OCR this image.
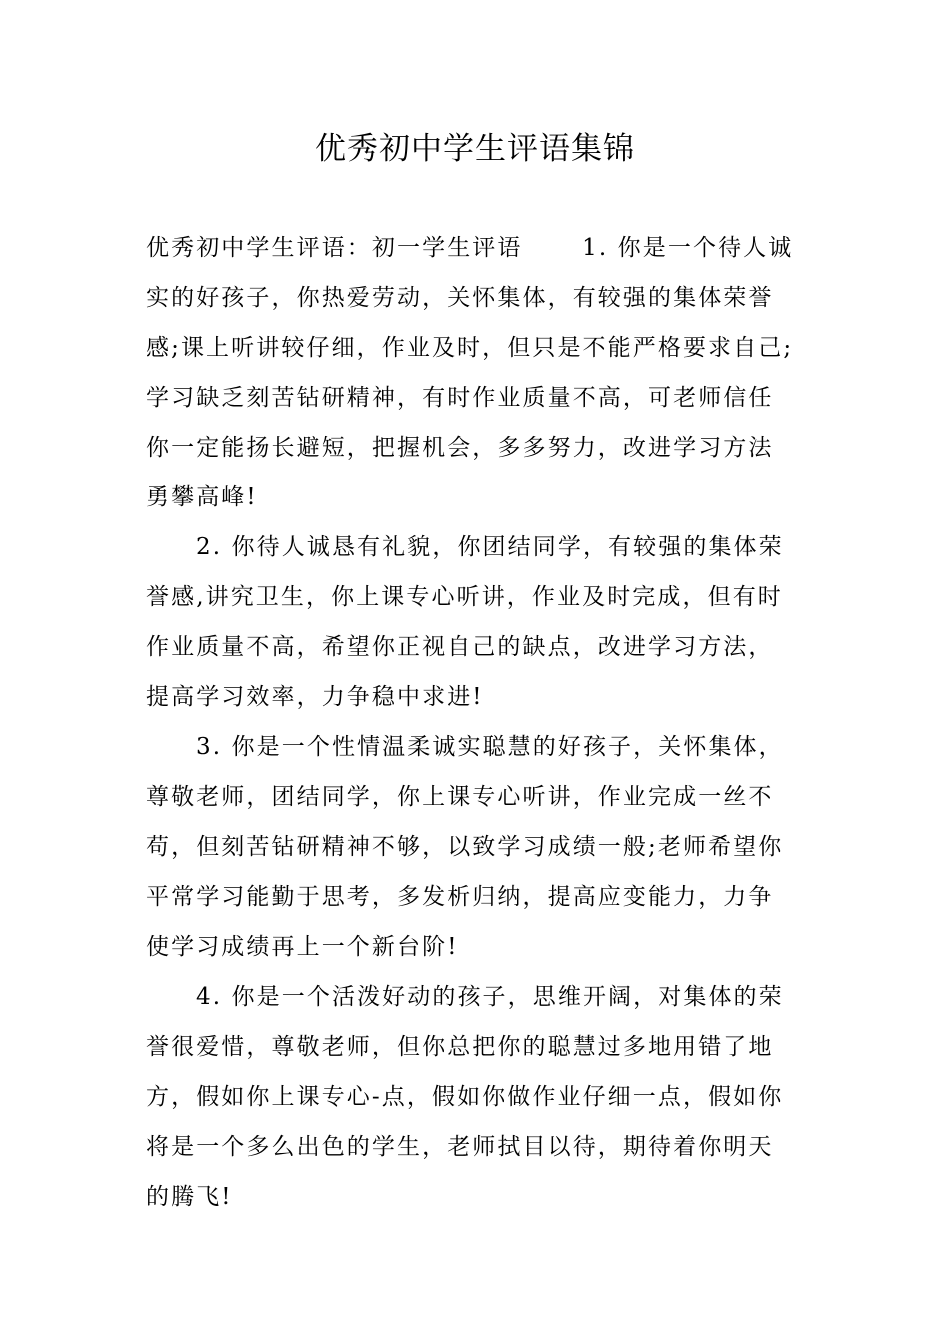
优秀初中学生评语集锦
优秀初中学生评语：初一学生评语　　 1. 你是一个待人诚
实的好孩子，你热爱劳动，关怀集体，有较强的集体荣誉
感;课上听讲较仔细，作业及时，但只是不能严格要求自己;
学习缺乏刻苦钻研精神，有时作业质量不高，可老师信任
你一定能扬长避短，把握机会，多多努力，改进学习方法
勇攀高峰!
2. 你待人诚恳有礼貌，你团结同学，有较强的集体荣
誉感,讲究卫生，你上课专心听讲，作业及时完成，但有时
作业质量不高，希望你正视自己的缺点，改进学习方法，
提高学习效率，力争稳中求进!
3. 你是一个性情温柔诚实聪慧的好孩子，关怀集体，
尊敬老师，团结同学，你上课专心听讲，作业完成一丝不
苟，但刻苦钻研精神不够，以致学习成绩一般;老师希望你
平常学习能勤于思考，多发析归纳，提高应变能力，力争
使学习成绩再上一个新台阶!
4. 你是一个活泼好动的孩子，思维开阔，对集体的荣
誉很爱惜，尊敬老师，但你总把你的聪慧过多地用错了地
方，假如你上课专心-点，假如你做作业仔细一点，假如你
将是一个多么出色的学生，老师拭目以待，期待着你明天
的腾飞!
